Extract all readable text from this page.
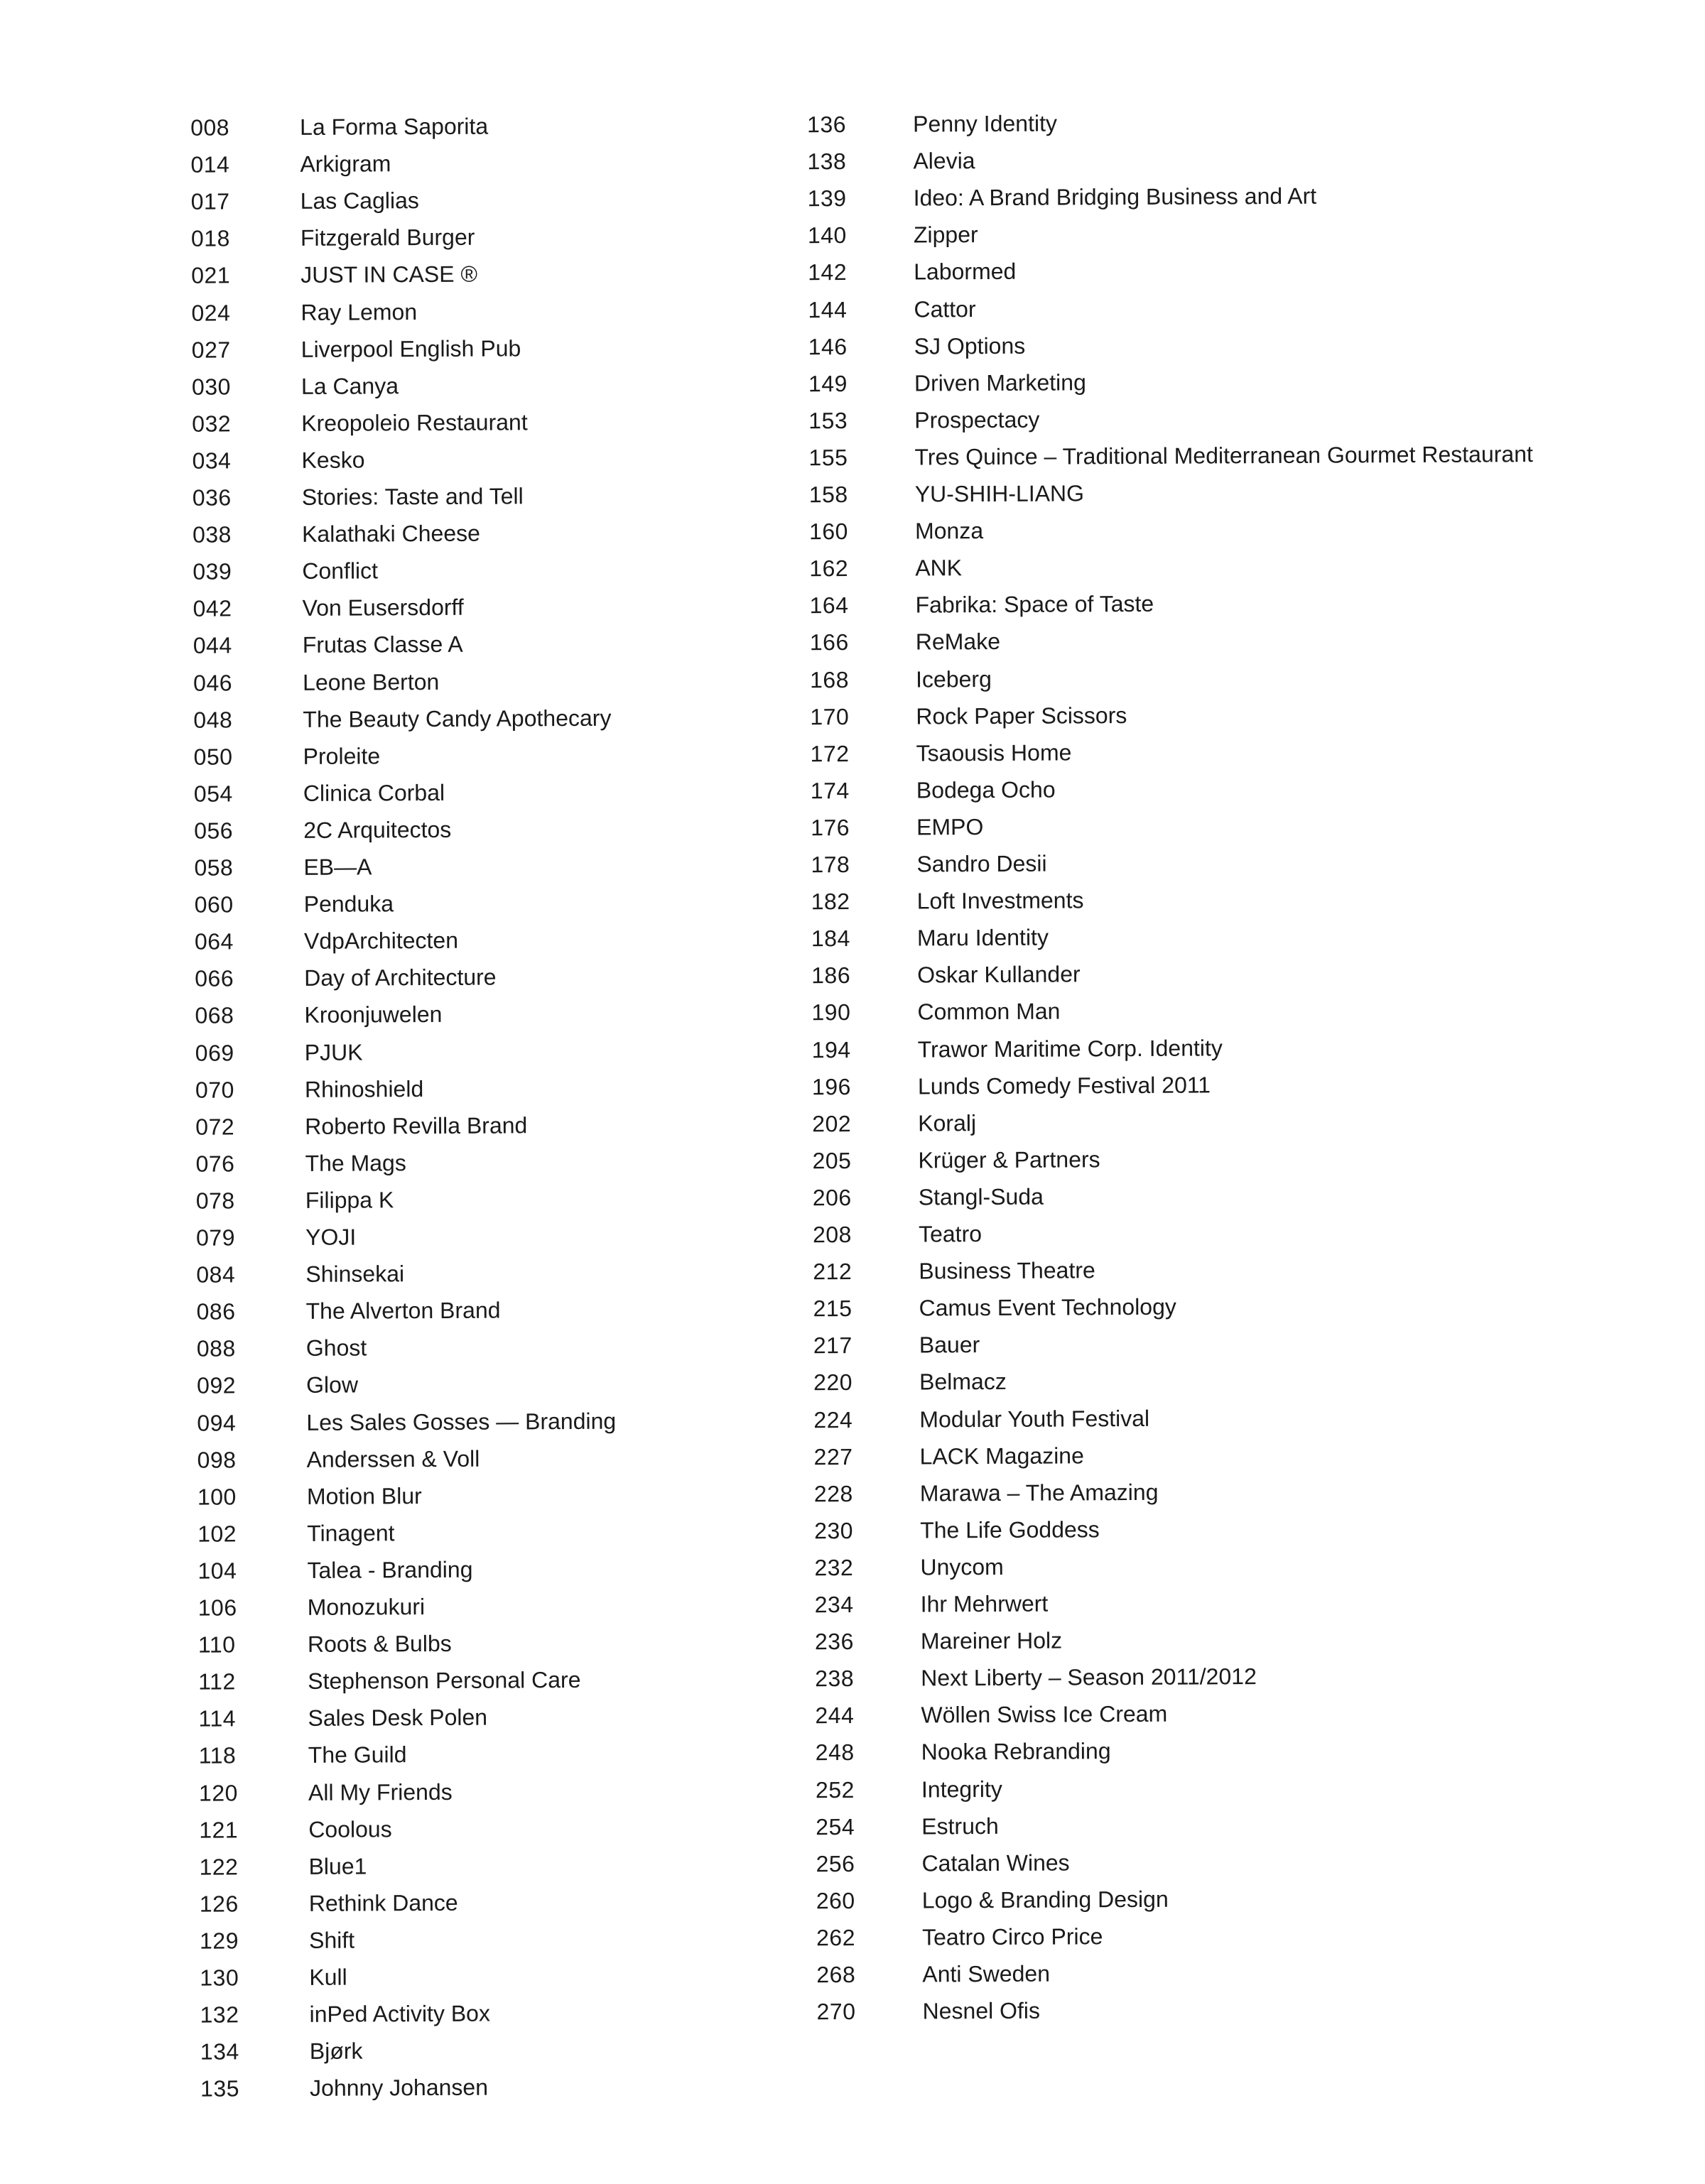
008	La Forma Saporita
014	Arkigram
017	Las Caglias
018	Fitzgerald Burger
021	JUST IN CASE ®
024	Ray Lemon
027	Liverpool English Pub
030	La Canya
032	Kreopoleio Restaurant
034	Kesko
036	Stories: Taste and Tell
038	Kalathaki Cheese
039	Conflict
042	Von Eusersdorff
044	Frutas Classe A
046	Leone Berton
048	The Beauty Candy Apothecary
050	Proleite
054	Clinica Corbal
056	2C Arquitectos
058	EB—A
060	Penduka
064	VdpArchitecten
066	Day of Architecture
068	Kroonjuwelen
069	PJUK
070	Rhinoshield
072	Roberto Revilla Brand
076	The Mags
078	Filippa K
079	YOJI
084	Shinsekai
086	The Alverton Brand
088	Ghost
092	Glow
094	Les Sales Gosses — Branding
098	Anderssen & Voll
100	Motion Blur
102	Tinagent
104	Talea - Branding
106	Monozukuri
110	Roots & Bulbs
112	Stephenson Personal Care
114	Sales Desk Polen
118	The Guild
120	All My Friends
121	Coolous
122	Blue1
126	Rethink Dance
129	Shift
130	Kull
132	inPed Activity Box
134	Bjørk
135	Johnny Johansen
136	Penny Identity
138	Alevia
139	Ideo: A Brand Bridging Business and Art
140	Zipper
142	Labormed
144	Cattor
146	SJ Options
149	Driven Marketing
153	Prospectacy
155	Tres Quince – Traditional Mediterranean Gourmet Restaurant
158	YU-SHIH-LIANG
160	Monza
162	ANK
164	Fabrika: Space of Taste
166	ReMake
168	Iceberg
170	Rock Paper Scissors
172	Tsaousis Home
174	Bodega Ocho
176	EMPO
178	Sandro Desii
182	Loft Investments
184	Maru Identity
186	Oskar Kullander
190	Common Man
194	Trawor Maritime Corp. Identity
196	Lunds Comedy Festival 2011
202	Koralj
205	Krüger & Partners
206	Stangl-Suda
208	Teatro
212	Business Theatre
215	Camus Event Technology
217	Bauer
220	Belmacz
224	Modular Youth Festival
227	LACK Magazine
228	Marawa – The Amazing
230	The Life Goddess
232	Unycom
234	Ihr Mehrwert
236	Mareiner Holz
238	Next Liberty – Season 2011/2012
244	Wöllen Swiss Ice Cream
248	Nooka Rebranding
252	Integrity
254	Estruch
256	Catalan Wines
260	Logo & Branding Design
262	Teatro Circo Price
268	Anti Sweden
270	Nesnel Ofis
